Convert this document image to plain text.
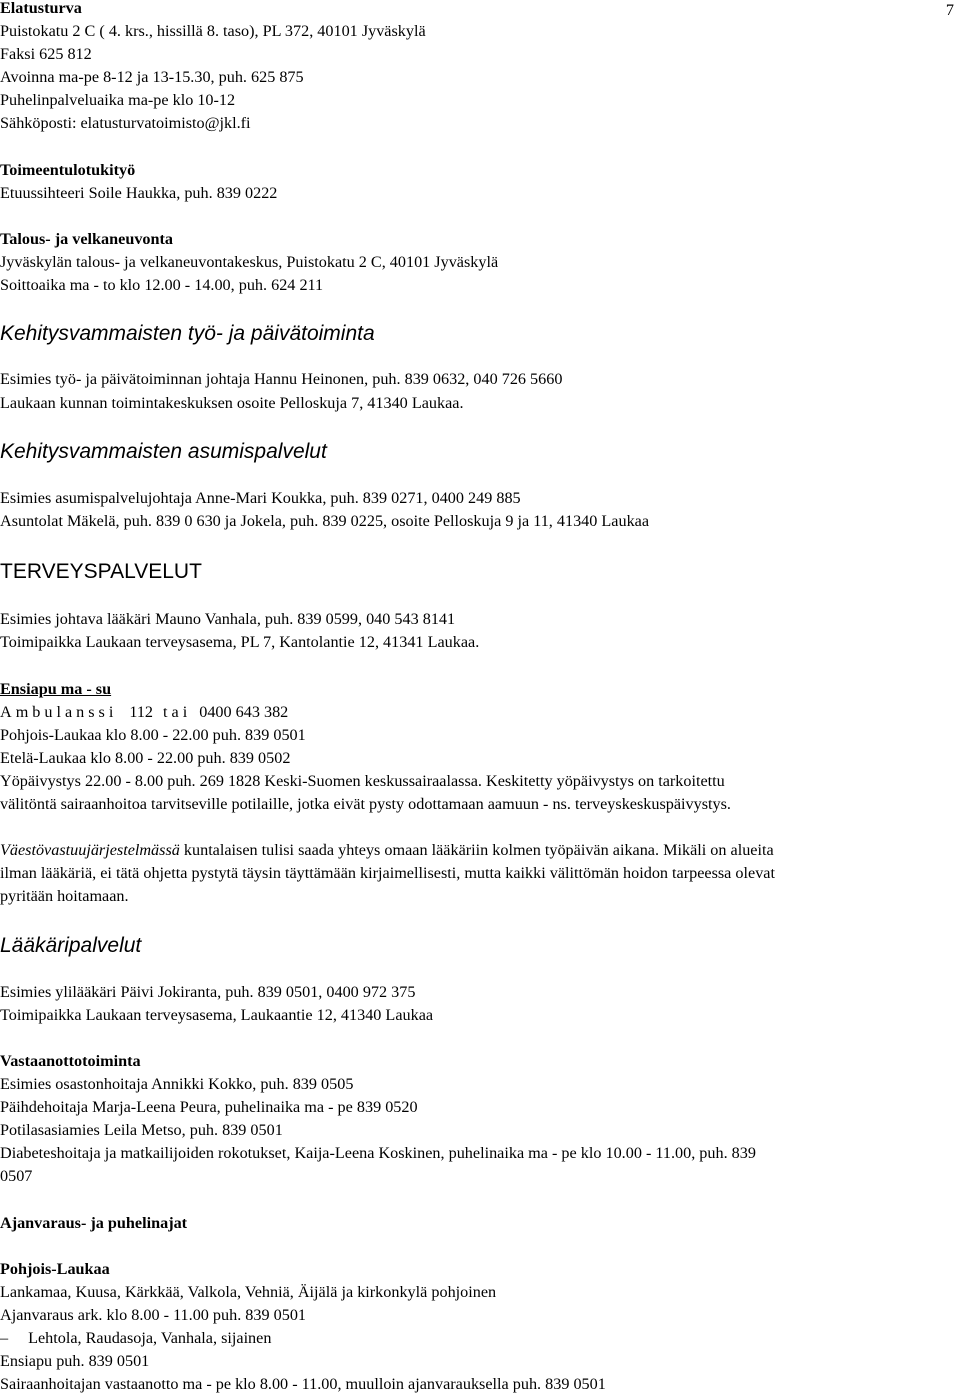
7
Elatusturva
Puistokatu 2 C ( 4. krs., hissillä 8. taso), PL 372, 40101 Jyväskylä
Faksi 625 812
Avoinna ma-pe 8-12 ja 13-15.30, puh. 625 875
Puhelinpalveluaika ma-pe klo 10-12
Sähköposti: elatusturvatoimisto@jkl.fi
Toimeentulotukityö
Etuussihteeri Soile Haukka, puh. 839 0222
Talous- ja velkaneuvonta
Jyväskylän talous- ja velkaneuvontakeskus, Puistokatu 2 C, 40101 Jyväskylä
Soittoaika ma - to klo 12.00 - 14.00, puh. 624 211
Kehitysvammaisten työ- ja päivätoiminta
Esimies työ- ja päivätoiminnan johtaja Hannu Heinonen, puh. 839 0632, 040 726 5660
Laukaan kunnan toimintakeskuksen osoite Pelloskuja 7, 41340 Laukaa.
Kehitysvammaisten asumispalvelut
Esimies asumispalvelujohtaja Anne-Mari Koukka, puh. 839 0271, 0400 249 885
Asuntolat Mäkelä, puh. 839 0 630 ja Jokela, puh. 839 0225, osoite Pelloskuja 9 ja 11, 41340 Laukaa
TERVEYSPALVELUT
Esimies johtava lääkäri Mauno Vanhala, puh. 839 0599, 040 543 8141
Toimipaikka Laukaan terveysasema, PL 7, Kantolantie 12, 41341 Laukaa.
Ensiapu ma - su
Ambulanssi 112 tai 0400 643 382
Pohjois-Laukaa klo 8.00 - 22.00 puh. 839 0501
Etelä-Laukaa klo 8.00 - 22.00 puh. 839 0502
Yöpäivystys 22.00 - 8.00 puh. 269 1828 Keski-Suomen keskussairaalassa. Keskitetty yöpäivystys on tarkoitettu
välitöntä sairaanhoitoa tarvitseville potilaille, jotka eivät pysty odottamaan aamuun - ns. terveyskeskuspäivystys.
Väestövastuujärjestelmässä kuntalaisen tulisi saada yhteys omaan lääkäriin kolmen työpäivän aikana. Mikäli on alueita
ilman lääkäriä, ei tätä ohjetta pystytä täysin täyttämään kirjaimellisesti, mutta kaikki välittömän hoidon tarpeessa olevat
pyritään hoitamaan.
Lääkäripalvelut
Esimies ylilääkäri Päivi Jokiranta, puh. 839 0501, 0400 972 375
Toimipaikka Laukaan terveysasema, Laukaantie 12, 41340 Laukaa
Vastaanottotoiminta
Esimies osastonhoitaja Annikki Kokko, puh. 839 0505
Päihdehoitaja Marja-Leena Peura, puhelinaika ma - pe 839 0520
Potilasasiamies Leila Metso, puh. 839 0501
Diabeteshoitaja ja matkailijoiden rokotukset, Kaija-Leena Koskinen, puhelinaika ma - pe klo 10.00 - 11.00, puh. 839
0507
Ajanvaraus- ja puhelinajat
Pohjois-Laukaa
Lankamaa, Kuusa, Kärkkää, Valkola, Vehniä, Äijälä ja kirkonkylä pohjoinen
Ajanvaraus ark. klo 8.00 - 11.00 puh. 839 0501
– Lehtola, Raudasoja, Vanhala, sijainen
Ensiapu puh. 839 0501
Sairaanhoitajan vastaanotto ma - pe klo 8.00 - 11.00, muulloin ajanvarauksella puh. 839 0501
